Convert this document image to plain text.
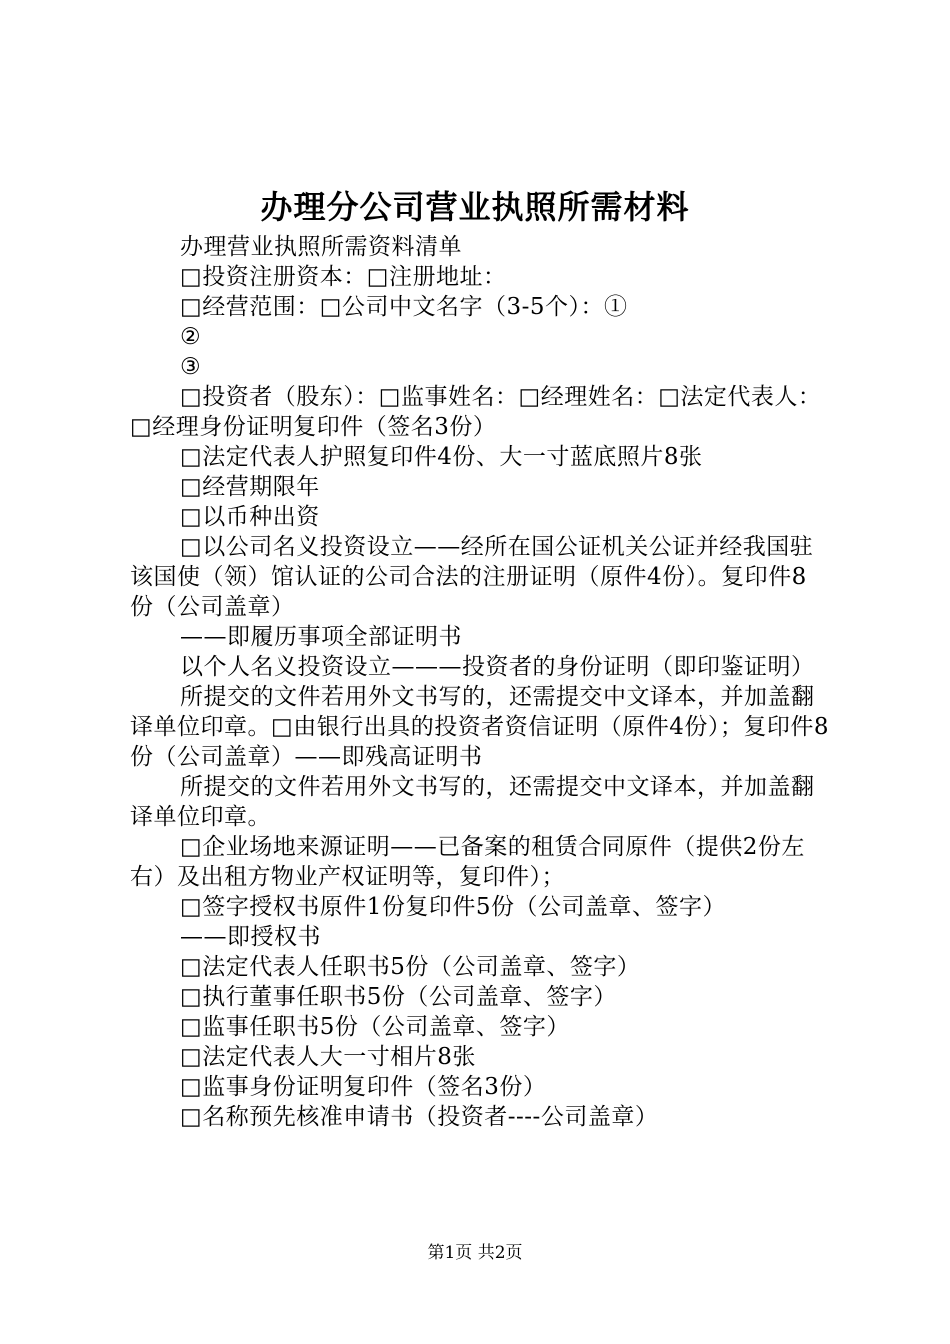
办理分公司营业执照所需材料

办理营业执照所需资料清单

□投资注册资本：□注册地址：

□经营范围：□公司中文名字（3-5个）：①

②

③

□投资者（股东）：□监事姓名：□经理姓名：□法定代表人：□经理身份证明复印件（签名3份）

□法定代表人护照复印件4份、大一寸蓝底照片8张

□经营期限年

□以币种出资

□以公司名义投资设立——经所在国公证机关公证并经我国驻该国使（领）馆认证的公司合法的注册证明（原件4份）。复印件8份（公司盖章）

——即履历事项全部证明书

以个人名义投资设立———投资者的身份证明（即印鉴证明）

所提交的文件若用外文书写的，还需提交中文译本，并加盖翻译单位印章。□由银行出具的投资者资信证明（原件4份）；复印件8份（公司盖章）——即残高证明书

所提交的文件若用外文书写的，还需提交中文译本，并加盖翻译单位印章。

□企业场地来源证明——已备案的租赁合同原件（提供2份左右）及出租方物业产权证明等，复印件）；

□签字授权书原件1份复印件5份（公司盖章、签字）

——即授权书

□法定代表人任职书5份（公司盖章、签字）

□执行董事任职书5份（公司盖章、签字）

□监事任职书5份（公司盖章、签字）

□法定代表人大一寸相片8张

□监事身份证明复印件（签名3份）

□名称预先核准申请书（投资者----公司盖章）

第1页 共2页
